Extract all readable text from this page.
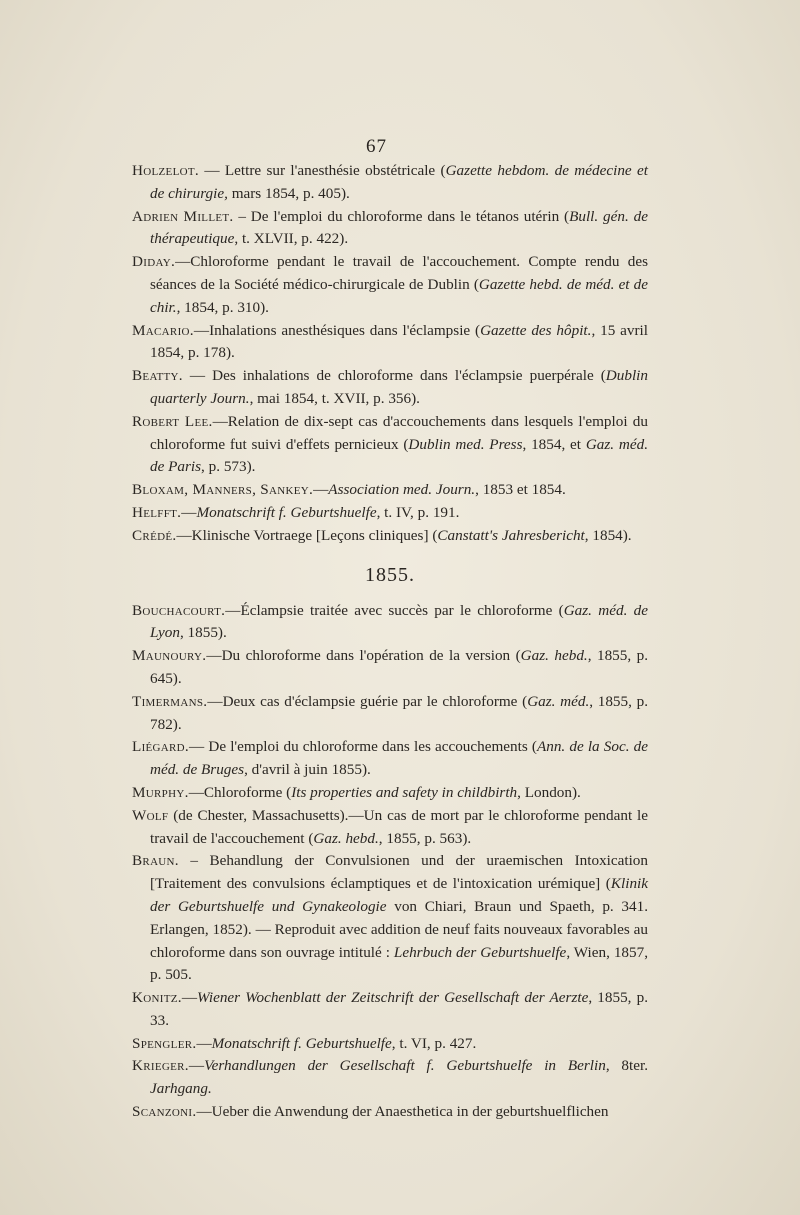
67

Holzelot. — Lettre sur l'anesthésie obstétricale (Gazette hebdom. de médecine et de chirurgie, mars 1854, p. 405).

Adrien Millet. – De l'emploi du chloroforme dans le tétanos utérin (Bull. gén. de thérapeutique, t. XLVII, p. 422).

Diday.—Chloroforme pendant le travail de l'accouchement. Compte rendu des séances de la Société médico-chirurgicale de Dublin (Gazette hebd. de méd. et de chir., 1854, p. 310).

Macario.—Inhalations anesthésiques dans l'éclampsie (Gazette des hôpit., 15 avril 1854, p. 178).

Beatty. — Des inhalations de chloroforme dans l'éclampsie puerpérale (Dublin quarterly Journ., mai 1854, t. XVII, p. 356).

Robert Lee.—Relation de dix-sept cas d'accouchements dans lesquels l'emploi du chloroforme fut suivi d'effets pernicieux (Dublin med. Press, 1854, et Gaz. méd. de Paris, p. 573).

Bloxam, Manners, Sankey.—Association med. Journ., 1853 et 1854.

Helfft.—Monatschrift f. Geburtshuelfe, t. IV, p. 191.

Crédé.—Klinische Vortraege [Leçons cliniques] (Canstatt's Jahresbericht, 1854).

1855.

Bouchacourt.—Éclampsie traitée avec succès par le chloroforme (Gaz. méd. de Lyon, 1855).

Maunoury.—Du chloroforme dans l'opération de la version (Gaz. hebd., 1855, p. 645).

Timermans.—Deux cas d'éclampsie guérie par le chloroforme (Gaz. méd., 1855, p. 782).

Liégard.— De l'emploi du chloroforme dans les accouchements (Ann. de la Soc. de méd. de Bruges, d'avril à juin 1855).

Murphy.—Chloroforme (Its properties and safety in childbirth, London).

Wolf (de Chester, Massachusetts).—Un cas de mort par le chloroforme pendant le travail de l'accouchement (Gaz. hebd., 1855, p. 563).

Braun. – Behandlung der Convulsionen und der uraemischen Intoxication [Traitement des convulsions éclamptiques et de l'intoxication urémique] (Klinik der Geburtshuelfe und Gynakeologie von Chiari, Braun und Spaeth, p. 341. Erlangen, 1852). — Reproduit avec addition de neuf faits nouveaux favorables au chloroforme dans son ouvrage intitulé : Lehrbuch der Geburtshuelfe, Wien, 1857, p. 505.

Konitz.—Wiener Wochenblatt der Zeitschrift der Gesellschaft der Aerzte, 1855, p. 33.

Spengler.—Monatschrift f. Geburtshuelfe, t. VI, p. 427.

Krieger.—Verhandlungen der Gesellschaft f. Geburtshuelfe in Berlin, 8ter. Jarhgang.

Scanzoni.—Ueber die Anwendung der Anaesthetica in der geburtshuelflichen
